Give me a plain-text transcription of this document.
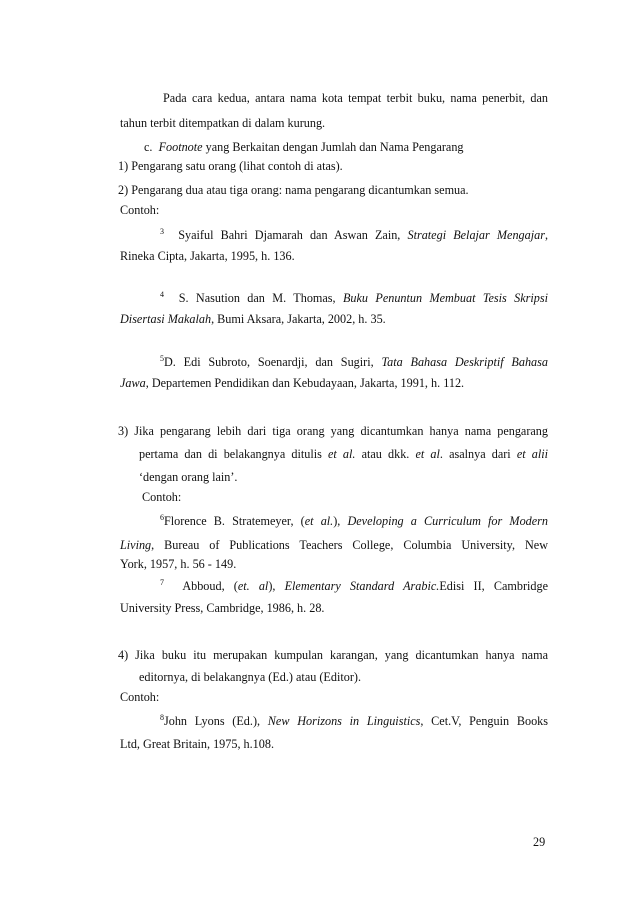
Pada cara kedua, antara nama kota tempat terbit buku, nama penerbit, dan
tahun terbit ditempatkan di dalam kurung.
c. Footnote yang Berkaitan dengan Jumlah dan Nama Pengarang
1) Pengarang satu orang (lihat contoh di atas).
2) Pengarang dua atau tiga orang: nama pengarang dicantumkan semua.
Contoh:
$^3$ Syaiful Bahri Djamarah dan Aswan Zain, Strategi Belajar Mengajar,
Rineka Cipta, Jakarta, 1995, h. 136.
$^4$ S. Nasution dan M. Thomas, Buku Penuntun Membuat Tesis Skripsi
Disertasi Makalah, Bumi Aksara, Jakarta, 2002, h. 35.
$^5$D. Edi Subroto, Soenardji, dan Sugiri, Tata Bahasa Deskriptif Bahasa
Jawa, Departemen Pendidikan dan Kebudayaan, Jakarta, 1991, h. 112.
3) Jika pengarang lebih dari tiga orang yang dicantumkan hanya nama pengarang
pertama dan di belakangnya ditulis et al. atau dkk. et al. asalnya dari et alii
‘dengan orang lain’.
Contoh:
$^6$Florence B. Stratemeyer, (et al.), Developing a Curriculum for Modern
Living, Bureau of Publications Teachers College, Columbia University, New
York, 1957, h. 56 - 149.
$^7$ Abboud, (et. al), Elementary Standard Arabic.Edisi II, Cambridge
University Press, Cambridge, 1986, h. 28.
4) Jika buku itu merupakan kumpulan karangan, yang dicantumkan hanya nama
editornya, di belakangnya (Ed.) atau (Editor).
Contoh:
$^8$John Lyons (Ed.), New Horizons in Linguistics, Cet.V, Penguin Books
Ltd, Great Britain, 1975, h.108.
29
